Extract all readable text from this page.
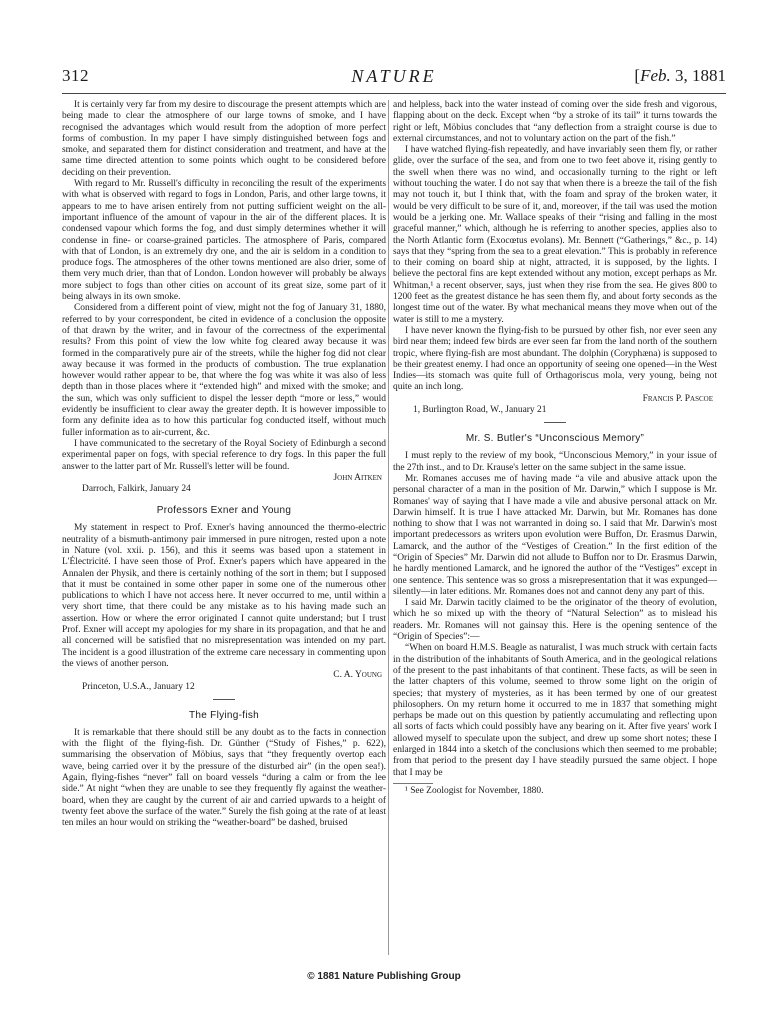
312	NATURE	[Feb. 3, 1881

It is certainly very far from my desire to discourage the present attempts which are being made to clear the atmosphere of our large towns of smoke, and I have recognised the advantages which would result from the adoption of more perfect forms of combustion. In my paper I have simply distinguished between fogs and smoke, and separated them for distinct consideration and treatment, and have at the same time directed attention to some points which ought to be considered before deciding on their prevention.

With regard to Mr. Russell's difficulty in reconciling the result of the experiments with what is observed with regard to fogs in London, Paris, and other large towns, it appears to me to have arisen entirely from not putting sufficient weight on the all-important influence of the amount of vapour in the air of the different places. It is condensed vapour which forms the fog, and dust simply determines whether it will condense in fine- or coarse-grained particles. The atmosphere of Paris, compared with that of London, is an extremely dry one, and the air is seldom in a condition to produce fogs. The atmospheres of the other towns mentioned are also drier, some of them very much drier, than that of London. London however will probably be always more subject to fogs than other cities on account of its great size, some part of it being always in its own smoke.

Considered from a different point of view, might not the fog of January 31, 1880, referred to by your correspondent, be cited in evidence of a conclusion the opposite of that drawn by the writer, and in favour of the correctness of the experimental results? From this point of view the low white fog cleared away because it was formed in the comparatively pure air of the streets, while the higher fog did not clear away because it was formed in the products of combustion. The true explanation however would rather appear to be, that where the fog was white it was also of less depth than in those places where it “extended high” and mixed with the smoke; and the sun, which was only sufficient to dispel the lesser depth “more or less,” would evidently be insufficient to clear away the greater depth. It is however impossible to form any definite idea as to how this particular fog conducted itself, without much fuller information as to air-current, &c.

I have communicated to the secretary of the Royal Society of Edinburgh a second experimental paper on fogs, with special reference to dry fogs. In this paper the full answer to the latter part of Mr. Russell's letter will be found.

John Aitken
Darroch, Falkirk, January 24
Professors Exner and Young

My statement in respect to Prof. Exner's having announced the thermo-electric neutrality of a bismuth-antimony pair immersed in pure nitrogen, rested upon a note in Nature (vol. xxii. p. 156), and this it seems was based upon a statement in L'Électricité. I have seen those of Prof. Exner's papers which have appeared in the Annalen der Physik, and there is certainly nothing of the sort in them; but I supposed that it must be contained in some other paper in some one of the numerous other publications to which I have not access here. It never occurred to me, until within a very short time, that there could be any mistake as to his having made such an assertion. How or where the error originated I cannot quite understand; but I trust Prof. Exner will accept my apologies for my share in its propagation, and that he and all concerned will be satisfied that no misrepresentation was intended on my part. The incident is a good illustration of the extreme care necessary in commenting upon the views of another person.

C. A. Young
Princeton, U.S.A., January 12
The Flying-fish

It is remarkable that there should still be any doubt as to the facts in connection with the flight of the flying-fish. Dr. Günther (“Study of Fishes,” p. 622), summarising the observation of Möbius, says that “they frequently overtop each wave, being carried over it by the pressure of the disturbed air” (in the open sea!). Again, flying-fishes “never” fall on board vessels “during a calm or from the lee side.” At night “when they are unable to see they frequently fly against the weather-board, when they are caught by the current of air and carried upwards to a height of twenty feet above the surface of the water.” Surely the fish going at the rate of at least ten miles an hour would on striking the “weather-board” be dashed, bruised

and helpless, back into the water instead of coming over the side fresh and vigorous, flapping about on the deck. Except when “by a stroke of its tail” it turns towards the right or left, Möbius concludes that “any deflection from a straight course is due to external circumstances, and not to voluntary action on the part of the fish.”

I have watched flying-fish repeatedly, and have invariably seen them fly, or rather glide, over the surface of the sea, and from one to two feet above it, rising gently to the swell when there was no wind, and occasionally turning to the right or left without touching the water. I do not say that when there is a breeze the tail of the fish may not touch it, but I think that, with the foam and spray of the broken water, it would be very difficult to be sure of it, and, moreover, if the tail was used the motion would be a jerking one. Mr. Wallace speaks of their “rising and falling in the most graceful manner,” which, although he is referring to another species, applies also to the North Atlantic form (Exocœtus evolans). Mr. Bennett (“Gatherings,” &c., p. 14) says that they “spring from the sea to a great elevation.” This is probably in reference to their coming on board ship at night, attracted, it is supposed, by the lights. I believe the pectoral fins are kept extended without any motion, except perhaps as Mr. Whitman,¹ a recent observer, says, just when they rise from the sea. He gives 800 to 1200 feet as the greatest distance he has seen them fly, and about forty seconds as the longest time out of the water. By what mechanical means they move when out of the water is still to me a mystery.

I have never known the flying-fish to be pursued by other fish, nor ever seen any bird near them; indeed few birds are ever seen far from the land north of the southern tropic, where flying-fish are most abundant. The dolphin (Coryphæna) is supposed to be their greatest enemy. I had once an opportunity of seeing one opened—in the West Indies—its stomach was quite full of Orthagoriscus mola, very young, being not quite an inch long.

Francis P. Pascoe
1, Burlington Road, W., January 21
Mr. S. Butler's “Unconscious Memory”

I must reply to the review of my book, “Unconscious Memory,” in your issue of the 27th inst., and to Dr. Krause's letter on the same subject in the same issue.

Mr. Romanes accuses me of having made “a vile and abusive attack upon the personal character of a man in the position of Mr. Darwin,” which I suppose is Mr. Romanes' way of saying that I have made a vile and abusive personal attack on Mr. Darwin himself. It is true I have attacked Mr. Darwin, but Mr. Romanes has done nothing to show that I was not warranted in doing so. I said that Mr. Darwin's most important predecessors as writers upon evolution were Buffon, Dr. Erasmus Darwin, Lamarck, and the author of the “Vestiges of Creation.” In the first edition of the “Origin of Species” Mr. Darwin did not allude to Buffon nor to Dr. Erasmus Darwin, he hardly mentioned Lamarck, and he ignored the author of the “Vestiges” except in one sentence. This sentence was so gross a misrepresentation that it was expunged—silently—in later editions. Mr. Romanes does not and cannot deny any part of this.

I said Mr. Darwin tacitly claimed to be the originator of the theory of evolution, which he so mixed up with the theory of “Natural Selection” as to mislead his readers. Mr. Romanes will not gainsay this. Here is the opening sentence of the “Origin of Species”:—

“When on board H.M.S. Beagle as naturalist, I was much struck with certain facts in the distribution of the inhabitants of South America, and in the geological relations of the present to the past inhabitants of that continent. These facts, as will be seen in the latter chapters of this volume, seemed to throw some light on the origin of species; that mystery of mysteries, as it has been termed by one of our greatest philosophers. On my return home it occurred to me in 1837 that something might perhaps be made out on this question by patiently accumulating and reflecting upon all sorts of facts which could possibly have any bearing on it. After five years' work I allowed myself to speculate upon the subject, and drew up some short notes; these I enlarged in 1844 into a sketch of the conclusions which then seemed to me probable; from that period to the present day I have steadily pursued the same object. I hope that I may be

¹ See Zoologist for November, 1880.

© 1881 Nature Publishing Group
